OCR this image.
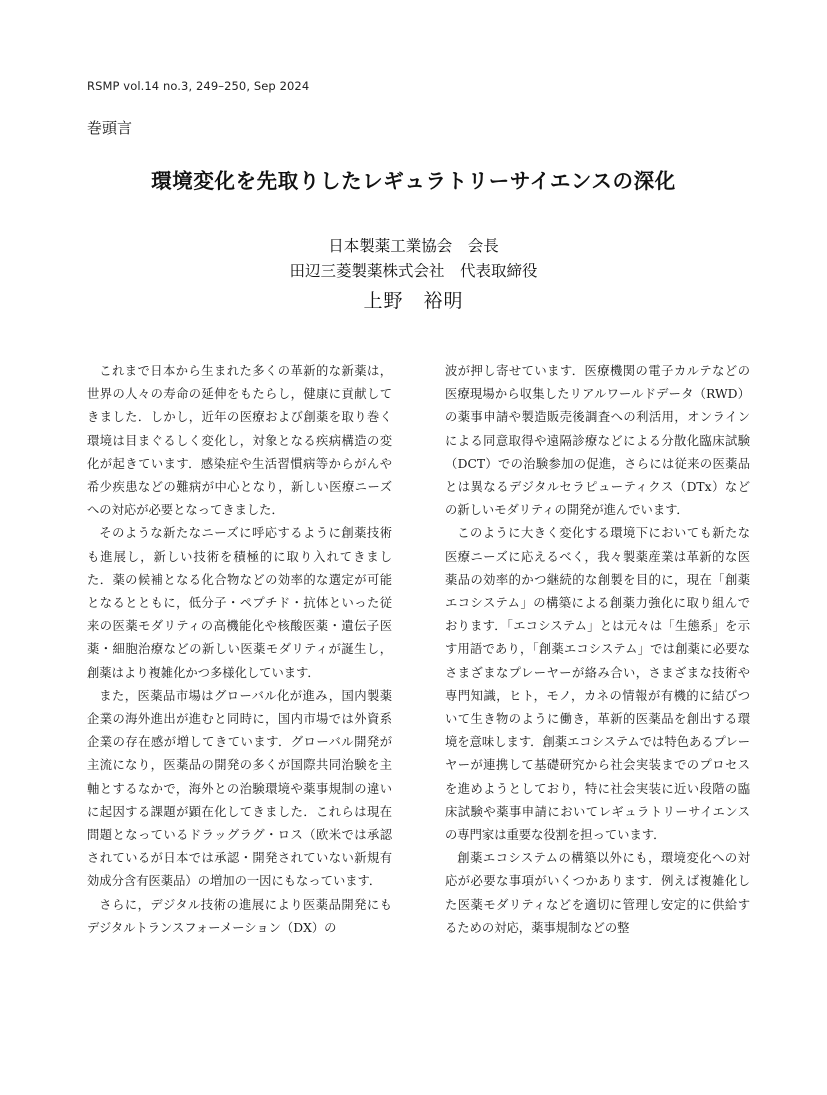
RSMP vol.14 no.3, 249–250, Sep 2024
巻頭言
環境変化を先取りしたレギュラトリーサイエンスの深化
日本製薬工業協会　会長
田辺三菱製薬株式会社　代表取締役
上野　裕明

これまで日本から生まれた多くの革新的な新薬は，世界の人々の寿命の延伸をもたらし，健康に貢献してきました．しかし，近年の医療および創薬を取り巻く環境は目まぐるしく変化し，対象となる疾病構造の変化が起きています．感染症や生活習慣病等からがんや希少疾患などの難病が中心となり，新しい医療ニーズへの対応が必要となってきました．

そのような新たなニーズに呼応するように創薬技術も進展し，新しい技術を積極的に取り入れてきました．薬の候補となる化合物などの効率的な選定が可能となるとともに，低分子・ペプチド・抗体といった従来の医薬モダリティの高機能化や核酸医薬・遺伝子医薬・細胞治療などの新しい医薬モダリティが誕生し，創薬はより複雑化かつ多様化しています．

また，医薬品市場はグローバル化が進み，国内製薬企業の海外進出が進むと同時に，国内市場では外資系企業の存在感が増してきています．グローバル開発が主流になり，医薬品の開発の多くが国際共同治験を主軸とするなかで，海外との治験環境や薬事規制の違いに起因する課題が顕在化してきました．これらは現在問題となっているドラッグラグ・ロス（欧米では承認されているが日本では承認・開発されていない新規有効成分含有医薬品）の増加の一因にもなっています．

さらに，デジタル技術の進展により医薬品開発にもデジタルトランスフォーメーション（DX）の

波が押し寄せています．医療機関の電子カルテなどの医療現場から収集したリアルワールドデータ（RWD）の薬事申請や製造販売後調査への利活用，オンラインによる同意取得や遠隔診療などによる分散化臨床試験（DCT）での治験参加の促進，さらには従来の医薬品とは異なるデジタルセラピューティクス（DTx）などの新しいモダリティの開発が進んでいます．

このように大きく変化する環境下においても新たな医療ニーズに応えるべく，我々製薬産業は革新的な医薬品の効率的かつ継続的な創製を目的に，現在「創薬エコシステム」の構築による創薬力強化に取り組んでおります．「エコシステム」とは元々は「生態系」を示す用語であり，「創薬エコシステム」では創薬に必要なさまざまなプレーヤーが絡み合い，さまざまな技術や専門知識，ヒト，モノ，カネの情報が有機的に結びついて生き物のように働き，革新的医薬品を創出する環境を意味します．創薬エコシステムでは特色あるプレーヤーが連携して基礎研究から社会実装までのプロセスを進めようとしており，特に社会実装に近い段階の臨床試験や薬事申請においてレギュラトリーサイエンスの専門家は重要な役割を担っています．

創薬エコシステムの構築以外にも，環境変化への対応が必要な事項がいくつかあります．例えば複雑化した医薬モダリティなどを適切に管理し安定的に供給するための対応，薬事規制などの整
